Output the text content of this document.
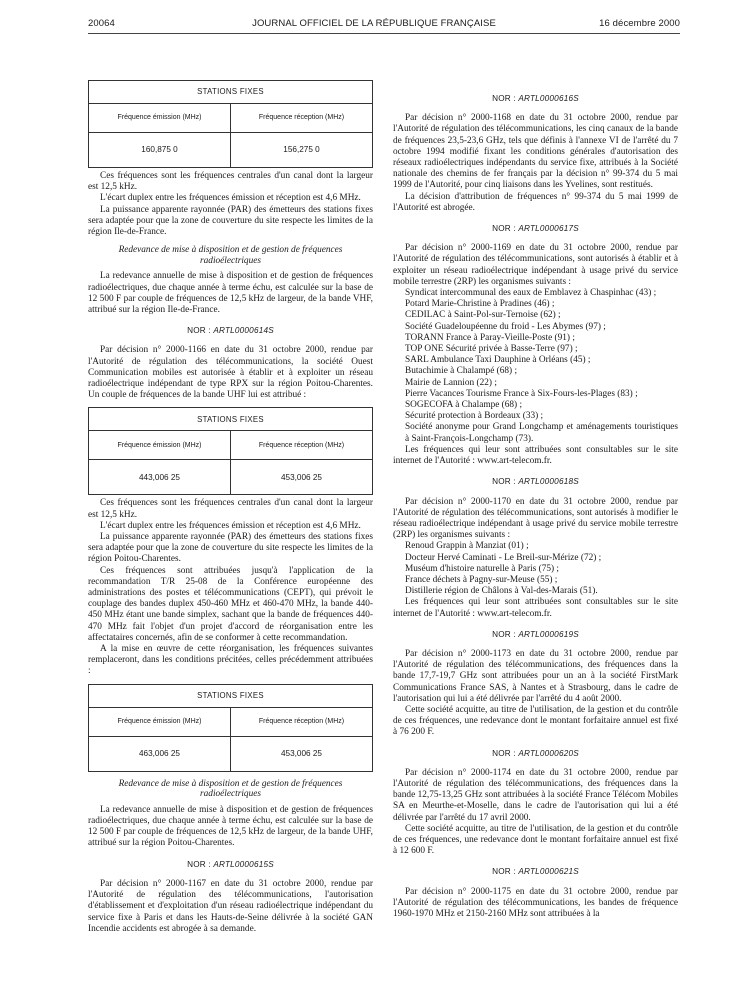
20064	JOURNAL OFFICIEL DE LA RÉPUBLIQUE FRANÇAISE	16 décembre 2000
STATIONS FIXES	
Fréquence émission (MHz)	Fréquence réception (MHz)
160,875 0	156,275 0

Ces fréquences sont les fréquences centrales d'un canal dont la largeur est 12,5 kHz.

L'écart duplex entre les fréquences émission et réception est 4,6 MHz.

La puissance apparente rayonnée (PAR) des émetteurs des stations fixes sera adaptée pour que la zone de couverture du site respecte les limites de la région Ile-de-France.

Redevance de mise à disposition et de gestion de fréquences radioélectriques

La redevance annuelle de mise à disposition et de gestion de fréquences radioélectriques, due chaque année à terme échu, est calculée sur la base de 12 500 F par couple de fréquences de 12,5 kHz de largeur, de la bande VHF, attribué sur la région Ile-de-France.

NOR : ARTL0000614S

Par décision n° 2000-1166 en date du 31 octobre 2000, rendue par l'Autorité de régulation des télécommunications, la société Ouest Communication mobiles est autorisée à établir et à exploiter un réseau radioélectrique indépendant de type RPX sur la région Poitou-Charentes. Un couple de fréquences de la bande UHF lui est attribué :

STATIONS FIXES	
Fréquence émission (MHz)	Fréquence réception (MHz)
443,006 25	453,006 25

Ces fréquences sont les fréquences centrales d'un canal dont la largeur est 12,5 kHz.

L'écart duplex entre les fréquences émission et réception est 4,6 MHz.

La puissance apparente rayonnée (PAR) des émetteurs des stations fixes sera adaptée pour que la zone de couverture du site respecte les limites de la région Poitou-Charentes.

Ces fréquences sont attribuées jusqu'à l'application de la recommandation T/R 25-08 de la Conférence européenne des administrations des postes et télécommunications (CEPT), qui prévoit le couplage des bandes duplex 450-460 MHz et 460-470 MHz, la bande 440-450 MHz étant une bande simplex, sachant que la bande de fréquences 440-470 MHz fait l'objet d'un projet d'accord de réorganisation entre les affectataires concernés, afin de se conformer à cette recommandation.

A la mise en œuvre de cette réorganisation, les fréquences suivantes remplaceront, dans les conditions précitées, celles précédemment attribuées :

STATIONS FIXES	
Fréquence émission (MHz)	Fréquence réception (MHz)
463,006 25	453,006 25

Redevance de mise à disposition et de gestion de fréquences radioélectriques

La redevance annuelle de mise à disposition et de gestion de fréquences radioélectriques, due chaque année à terme échu, est calculée sur la base de 12 500 F par couple de fréquences de 12,5 kHz de largeur, de la bande UHF, attribué sur la région Poitou-Charentes.

NOR : ARTL0000615S

Par décision n° 2000-1167 en date du 31 octobre 2000, rendue par l'Autorité de régulation des télécommunications, l'autorisation d'établissement et d'exploitation d'un réseau radioélectrique indépendant du service fixe à Paris et dans les Hauts-de-Seine délivrée à la société GAN Incendie accidents est abrogée à sa demande.

NOR : ARTL0000616S

Par décision n° 2000-1168 en date du 31 octobre 2000, rendue par l'Autorité de régulation des télécommunications, les cinq canaux de la bande de fréquences 23,5-23,6 GHz, tels que définis à l'annexe VI de l'arrêté du 7 octobre 1994 modifié fixant les conditions générales d'autorisation des réseaux radioélectriques indépendants du service fixe, attribués à la Société nationale des chemins de fer français par la décision n° 99-374 du 5 mai 1999 de l'Autorité, pour cinq liaisons dans les Yvelines, sont restitués.

La décision d'attribution de fréquences n° 99-374 du 5 mai 1999 de l'Autorité est abrogée.

NOR : ARTL0000617S

Par décision n° 2000-1169 en date du 31 octobre 2000, rendue par l'Autorité de régulation des télécommunications, sont autorisés à établir et à exploiter un réseau radioélectrique indépendant à usage privé du service mobile terrestre (2RP) les organismes suivants :

Syndicat intercommunal des eaux de Emblavez à Chaspinhac (43) ;

Potard Marie-Christine à Pradines (46) ;

CEDILAC à Saint-Pol-sur-Ternoise (62) ;

Société Guadeloupéenne du froid - Les Abymes (97) ;

TORANN France à Paray-Vieille-Poste (91) ;

TOP ONE Sécurité privée à Basse-Terre (97) ;

SARL Ambulance Taxi Dauphine à Orléans (45) ;

Butachimie à Chalampé (68) ;

Mairie de Lannion (22) ;

Pierre Vacances Tourisme France à Six-Fours-les-Plages (83) ;

SOGECOFA à Chalampe (68) ;

Sécurité protection à Bordeaux (33) ;

Société anonyme pour Grand Longchamp et aménagements touristiques à Saint-François-Longchamp (73).

Les fréquences qui leur sont attribuées sont consultables sur le site internet de l'Autorité : www.art-telecom.fr.

NOR : ARTL0000618S

Par décision n° 2000-1170 en date du 31 octobre 2000, rendue par l'Autorité de régulation des télécommunications, sont autorisés à modifier le réseau radioélectrique indépendant à usage privé du service mobile terrestre (2RP) les organismes suivants :

Renoud Grappin à Manziat (01) ;

Docteur Hervé Caminati - Le Breil-sur-Mérize (72) ;

Muséum d'histoire naturelle à Paris (75) ;

France déchets à Pagny-sur-Meuse (55) ;

Distillerie région de Châlons à Val-des-Marais (51).

Les fréquences qui leur sont attribuées sont consultables sur le site internet de l'Autorité : www.art-telecom.fr.

NOR : ARTL0000619S

Par décision n° 2000-1173 en date du 31 octobre 2000, rendue par l'Autorité de régulation des télécommunications, des fréquences dans la bande 17,7-19,7 GHz sont attribuées pour un an à la société FirstMark Communications France SAS, à Nantes et à Strasbourg, dans le cadre de l'autorisation qui lui a été délivrée par l'arrêté du 4 août 2000.

Cette société acquitte, au titre de l'utilisation, de la gestion et du contrôle de ces fréquences, une redevance dont le montant forfaitaire annuel est fixé à 76 200 F.

NOR : ARTL0000620S

Par décision n° 2000-1174 en date du 31 octobre 2000, rendue par l'Autorité de régulation des télécommunications, des fréquences dans la bande 12,75-13,25 GHz sont attribuées à la société France Télécom Mobiles SA en Meurthe-et-Moselle, dans le cadre de l'autorisation qui lui a été délivrée par l'arrêté du 17 avril 2000.

Cette société acquitte, au titre de l'utilisation, de la gestion et du contrôle de ces fréquences, une redevance dont le montant forfaitaire annuel est fixé à 12 600 F.

NOR : ARTL0000621S

Par décision n° 2000-1175 en date du 31 octobre 2000, rendue par l'Autorité de régulation des télécommunications, les bandes de fréquence 1960-1970 MHz et 2150-2160 MHz sont attribuées à la
